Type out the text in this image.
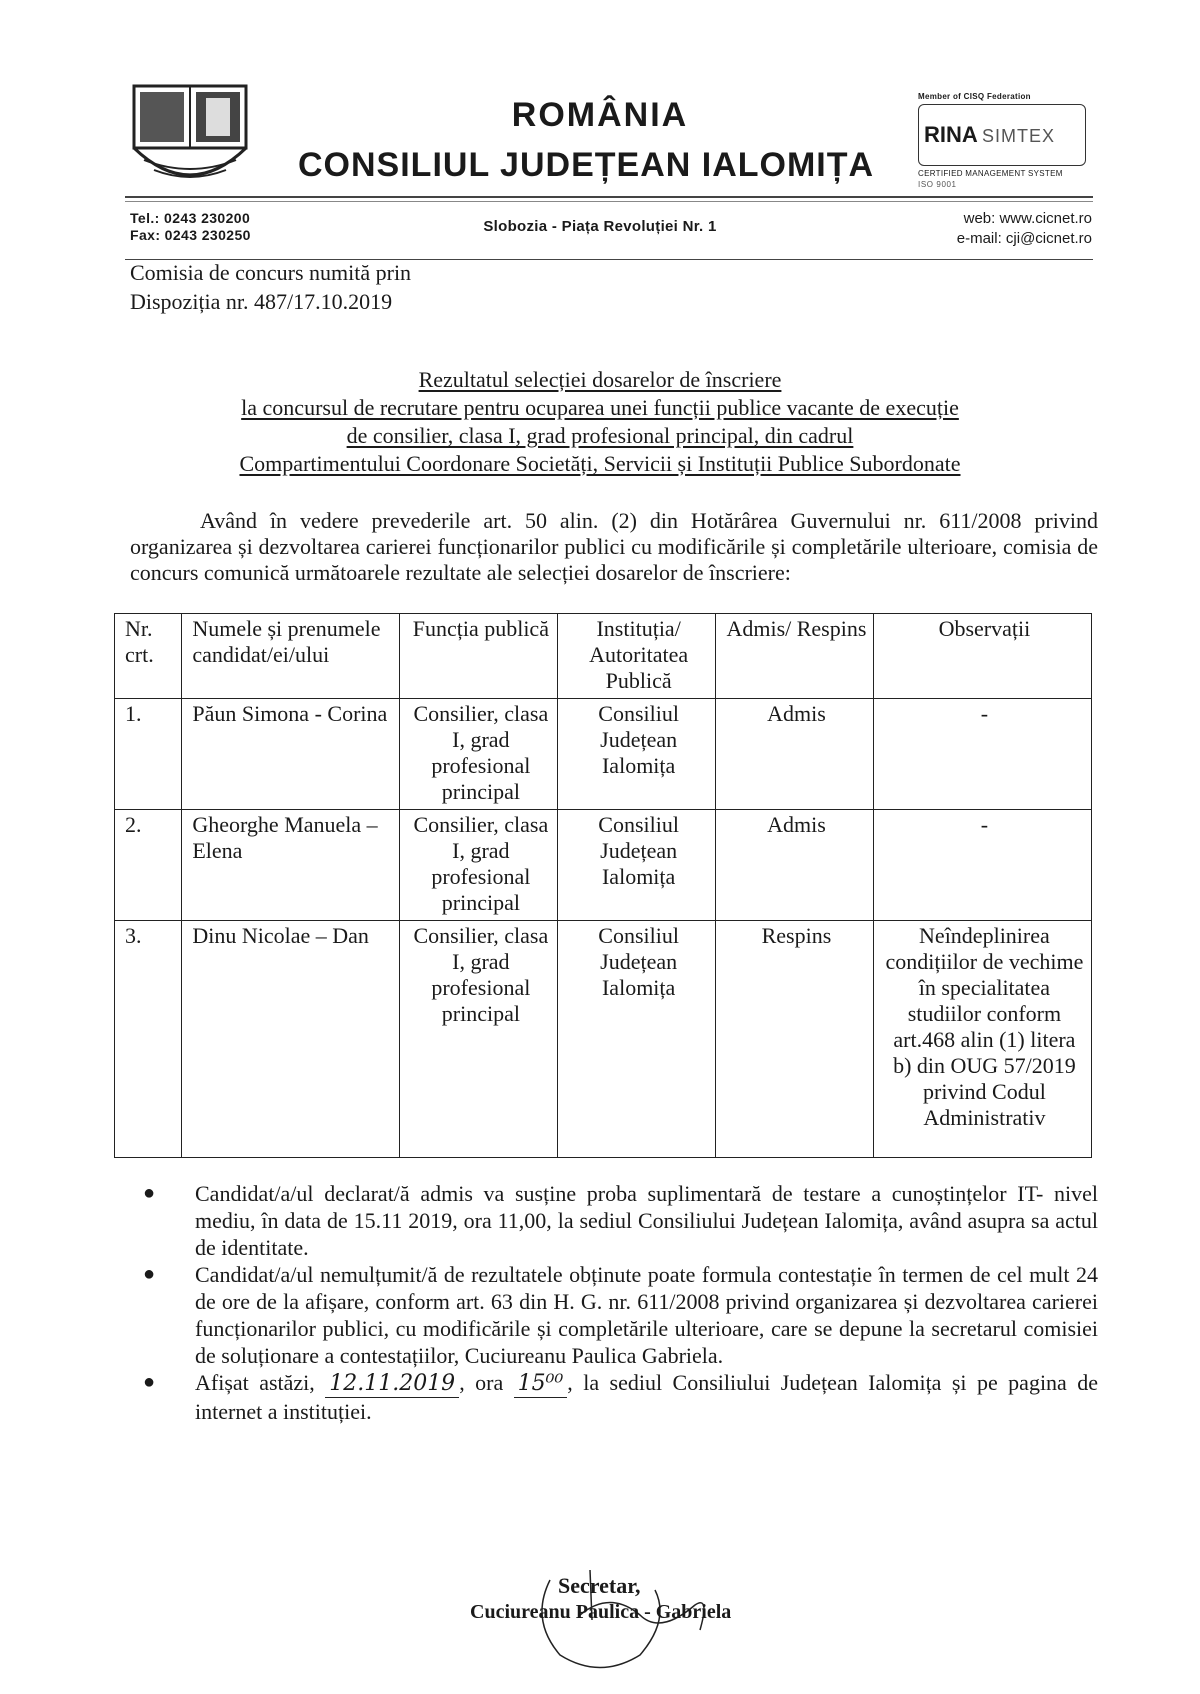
ROMÂNIA
CONSILIUL JUDEȚEAN IALOMIȚA
Member of CISQ Federation
RINA SIMTEX
CERTIFIED MANAGEMENT SYSTEM
ISO 9001
Tel.: 0243 230200
Fax: 0243 230250	Slobozia - Piața Revoluției Nr. 1	web: www.cicnet.ro
e-mail: cji@cicnet.ro
Comisia de concurs numită prin
Dispoziția nr. 487/17.10.2019
Rezultatul selecției dosarelor de înscriere
la concursul de recrutare pentru ocuparea unei funcții publice vacante de execuție
de consilier, clasa I, grad profesional principal, din cadrul
Compartimentului Coordonare Societăți, Servicii și Instituții Publice Subordonate
Având în vedere prevederile art. 50 alin. (2) din Hotărârea Guvernului nr. 611/2008 privind organizarea și dezvoltarea carierei funcționarilor publici cu modificările și completările ulterioare, comisia de concurs comunică următoarele rezultate ale selecției dosarelor de înscriere:
Nr. crt.	Numele și prenumele candidat/ei/ului	Funcția publică	Instituția/ Autoritatea Publică	Admis/ Respins	Observații
1.	Păun Simona - Corina	Consilier, clasa I, grad profesional principal	Consiliul Județean Ialomița	Admis	-
2.	Gheorghe Manuela – Elena	Consilier, clasa I, grad profesional principal	Consiliul Județean Ialomița	Admis	-
3.	Dinu Nicolae – Dan	Consilier, clasa I, grad profesional principal	Consiliul Județean Ialomița	Respins	Neîndeplinirea condițiilor de vechime în specialitatea studiilor conform art.468 alin (1) litera b) din OUG 57/2019 privind Codul Administrativ
● Candidat/a/ul declarat/ă admis va susține proba suplimentară de testare a cunoștințelor IT- nivel mediu, în data de 15.11 2019, ora 11,00, la sediul Consiliului Județean Ialomița, având asupra sa actul de identitate.
● Candidat/a/ul nemulțumit/ă de rezultatele obținute poate formula contestație în termen de cel mult 24 de ore de la afișare, conform art. 63 din H. G. nr. 611/2008 privind organizarea și dezvoltarea carierei funcționarilor publici, cu modificările și completările ulterioare, care se depune la secretarul comisiei de soluționare a contestațiilor, Cuciureanu Paulica Gabriela.
● Afișat astăzi, 12.11.2019 , ora 15⁰⁰ , la sediul Consiliului Județean Ialomița și pe pagina de internet a instituției.
Secretar,
Cuciureanu Paulica - Gabriela
